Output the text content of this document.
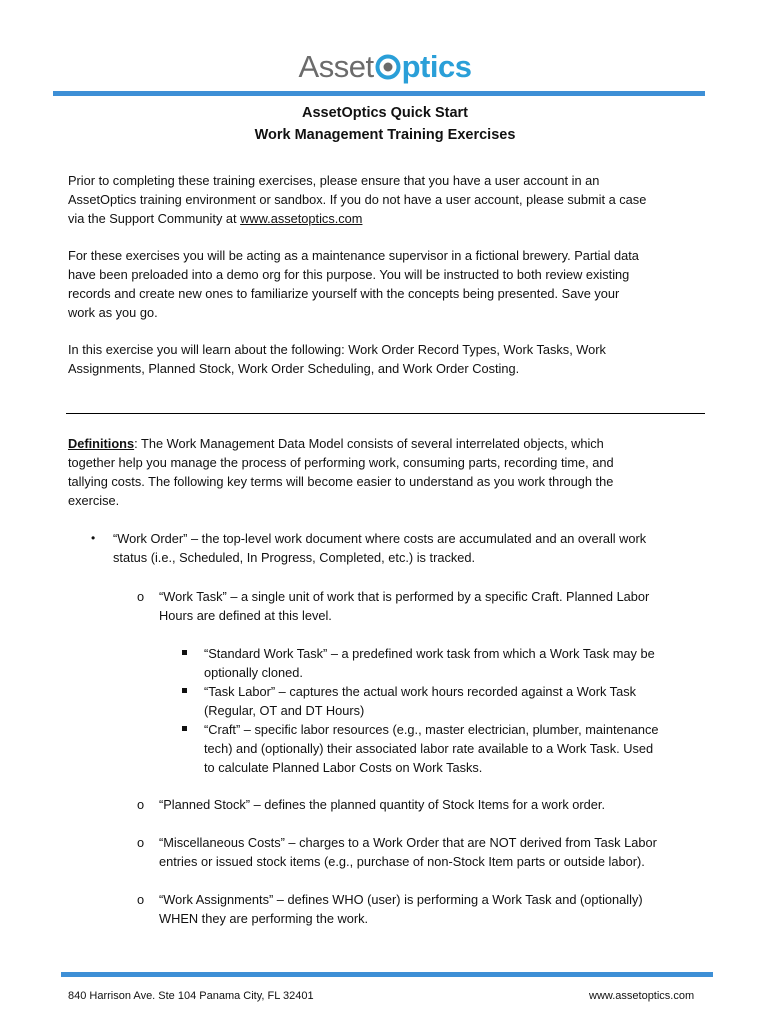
Asset ptics
AssetOptics Quick Start
Work Management Training Exercises
Prior to completing these training exercises, please ensure that you have a user account in an
AssetOptics training environment or sandbox. If you do not have a user account, please submit a case
via the Support Community at www.assetoptics.com
For these exercises you will be acting as a maintenance supervisor in a fictional brewery. Partial data
have been preloaded into a demo org for this purpose. You will be instructed to both review existing
records and create new ones to familiarize yourself with the concepts being presented. Save your
work as you go.
In this exercise you will learn about the following: Work Order Record Types, Work Tasks, Work
Assignments, Planned Stock, Work Order Scheduling, and Work Order Costing.
Definitions: The Work Management Data Model consists of several interrelated objects, which
together help you manage the process of performing work, consuming parts, recording time, and
tallying costs. The following key terms will become easier to understand as you work through the
exercise.
• “Work Order” – the top-level work document where costs are accumulated and an overall work
status (i.e., Scheduled, In Progress, Completed, etc.) is tracked.
o “Work Task” – a single unit of work that is performed by a specific Craft. Planned Labor
Hours are defined at this level.
“Standard Work Task” – a predefined work task from which a Work Task may be
optionally cloned.
“Task Labor” – captures the actual work hours recorded against a Work Task
(Regular, OT and DT Hours)
“Craft” – specific labor resources (e.g., master electrician, plumber, maintenance
tech) and (optionally) their associated labor rate available to a Work Task. Used
to calculate Planned Labor Costs on Work Tasks.
o “Planned Stock” – defines the planned quantity of Stock Items for a work order.
o “Miscellaneous Costs” – charges to a Work Order that are NOT derived from Task Labor
entries or issued stock items (e.g., purchase of non-Stock Item parts or outside labor).
o “Work Assignments” – defines WHO (user) is performing a Work Task and (optionally)
WHEN they are performing the work.
840 Harrison Ave. Ste 104 Panama City, FL 32401	www.assetoptics.com
